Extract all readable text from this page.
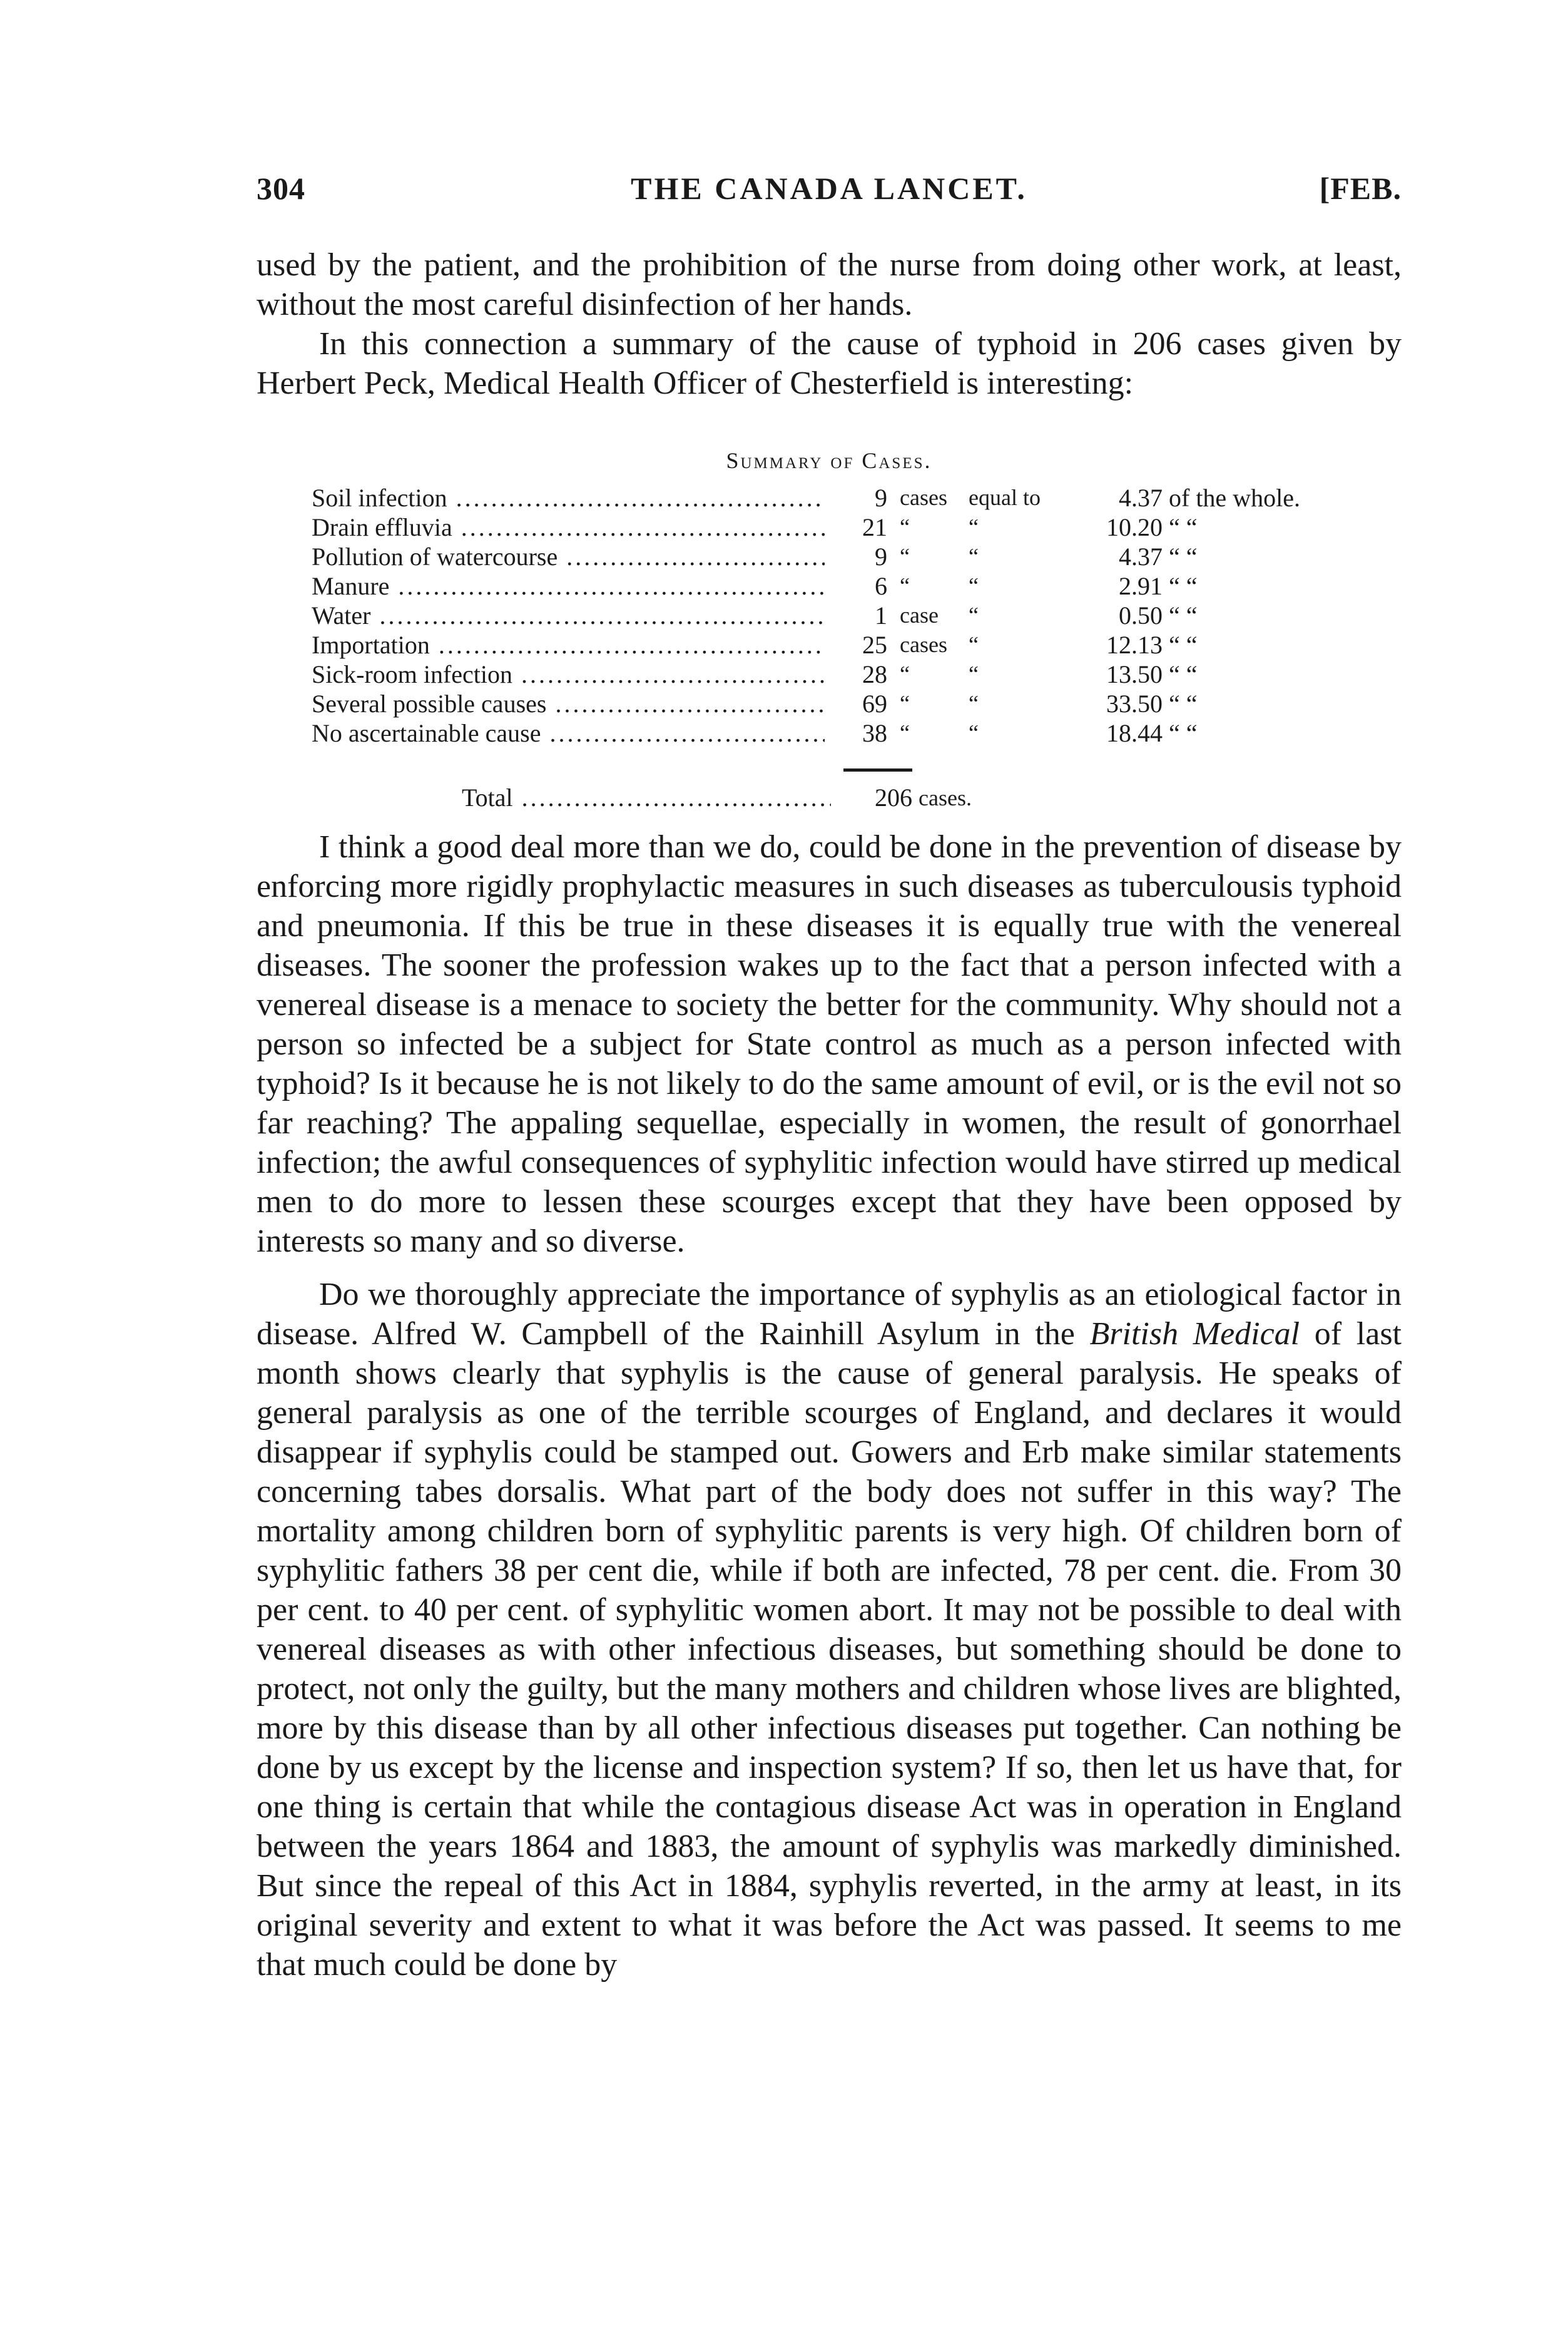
304	THE CANADA LANCET.	[FEB.

used by the patient, and the prohibition of the nurse from doing other work, at least, without the most careful disinfection of her hands.

In this connection a summary of the cause of typhoid in 206 cases given by Herbert Peck, Medical Health Officer of Chesterfield is interesting:

Summary of Cases.
Soil infection .....	9 cases equal to	4.37 of the whole.
Drain effluvia .....	21 “	“	10.20 “ “
Pollution of watercourse .....	9 “	“	4.37 “ “
Manure .....	6 “	“	2.91 “ “
Water .....	1 case	“	0.50 “ “
Importation .....	25 cases “	12.13 “ “
Sick-room infection .....	28 “	“	13.50 “ “
Several possible causes .....	69 “	“	33.50 “ “
No ascertainable cause .....	38 “	“	18.44 “ “
Total .....	206 cases.

I think a good deal more than we do, could be done in the prevention of disease by enforcing more rigidly prophylactic measures in such diseases as tuberculousis typhoid and pneumonia. If this be true in these diseases it is equally true with the venereal diseases. The sooner the profession wakes up to the fact that a person infected with a venereal disease is a menace to society the better for the community. Why should not a person so infected be a subject for State control as much as a person infected with typhoid? Is it because he is not likely to do the same amount of evil, or is the evil not so far reaching? The appaling sequellae, especially in women, the result of gonorrhael infection; the awful consequences of syphylitic infection would have stirred up medical men to do more to lessen these scourges except that they have been opposed by interests so many and so diverse.

Do we thoroughly appreciate the importance of syphylis as an etiological factor in disease. Alfred W. Campbell of the Rainhill Asylum in the British Medical of last month shows clearly that syphylis is the cause of general paralysis. He speaks of general paralysis as one of the terrible scourges of England, and declares it would disappear if syphylis could be stamped out. Gowers and Erb make similar statements concerning tabes dorsalis. What part of the body does not suffer in this way? The mortality among children born of syphylitic parents is very high. Of children born of syphylitic fathers 38 per cent die, while if both are infected, 78 per cent. die. From 30 per cent. to 40 per cent. of syphylitic women abort. It may not be possible to deal with venereal diseases as with other infectious diseases, but something should be done to protect, not only the guilty, but the many mothers and children whose lives are blighted, more by this disease than by all other infectious diseases put together. Can nothing be done by us except by the license and inspection system? If so, then let us have that, for one thing is certain that while the contagious disease Act was in operation in England between the years 1864 and 1883, the amount of syphylis was markedly diminished. But since the repeal of this Act in 1884, syphylis reverted, in the army at least, in its original severity and extent to what it was before the Act was passed. It seems to me that much could be done by
